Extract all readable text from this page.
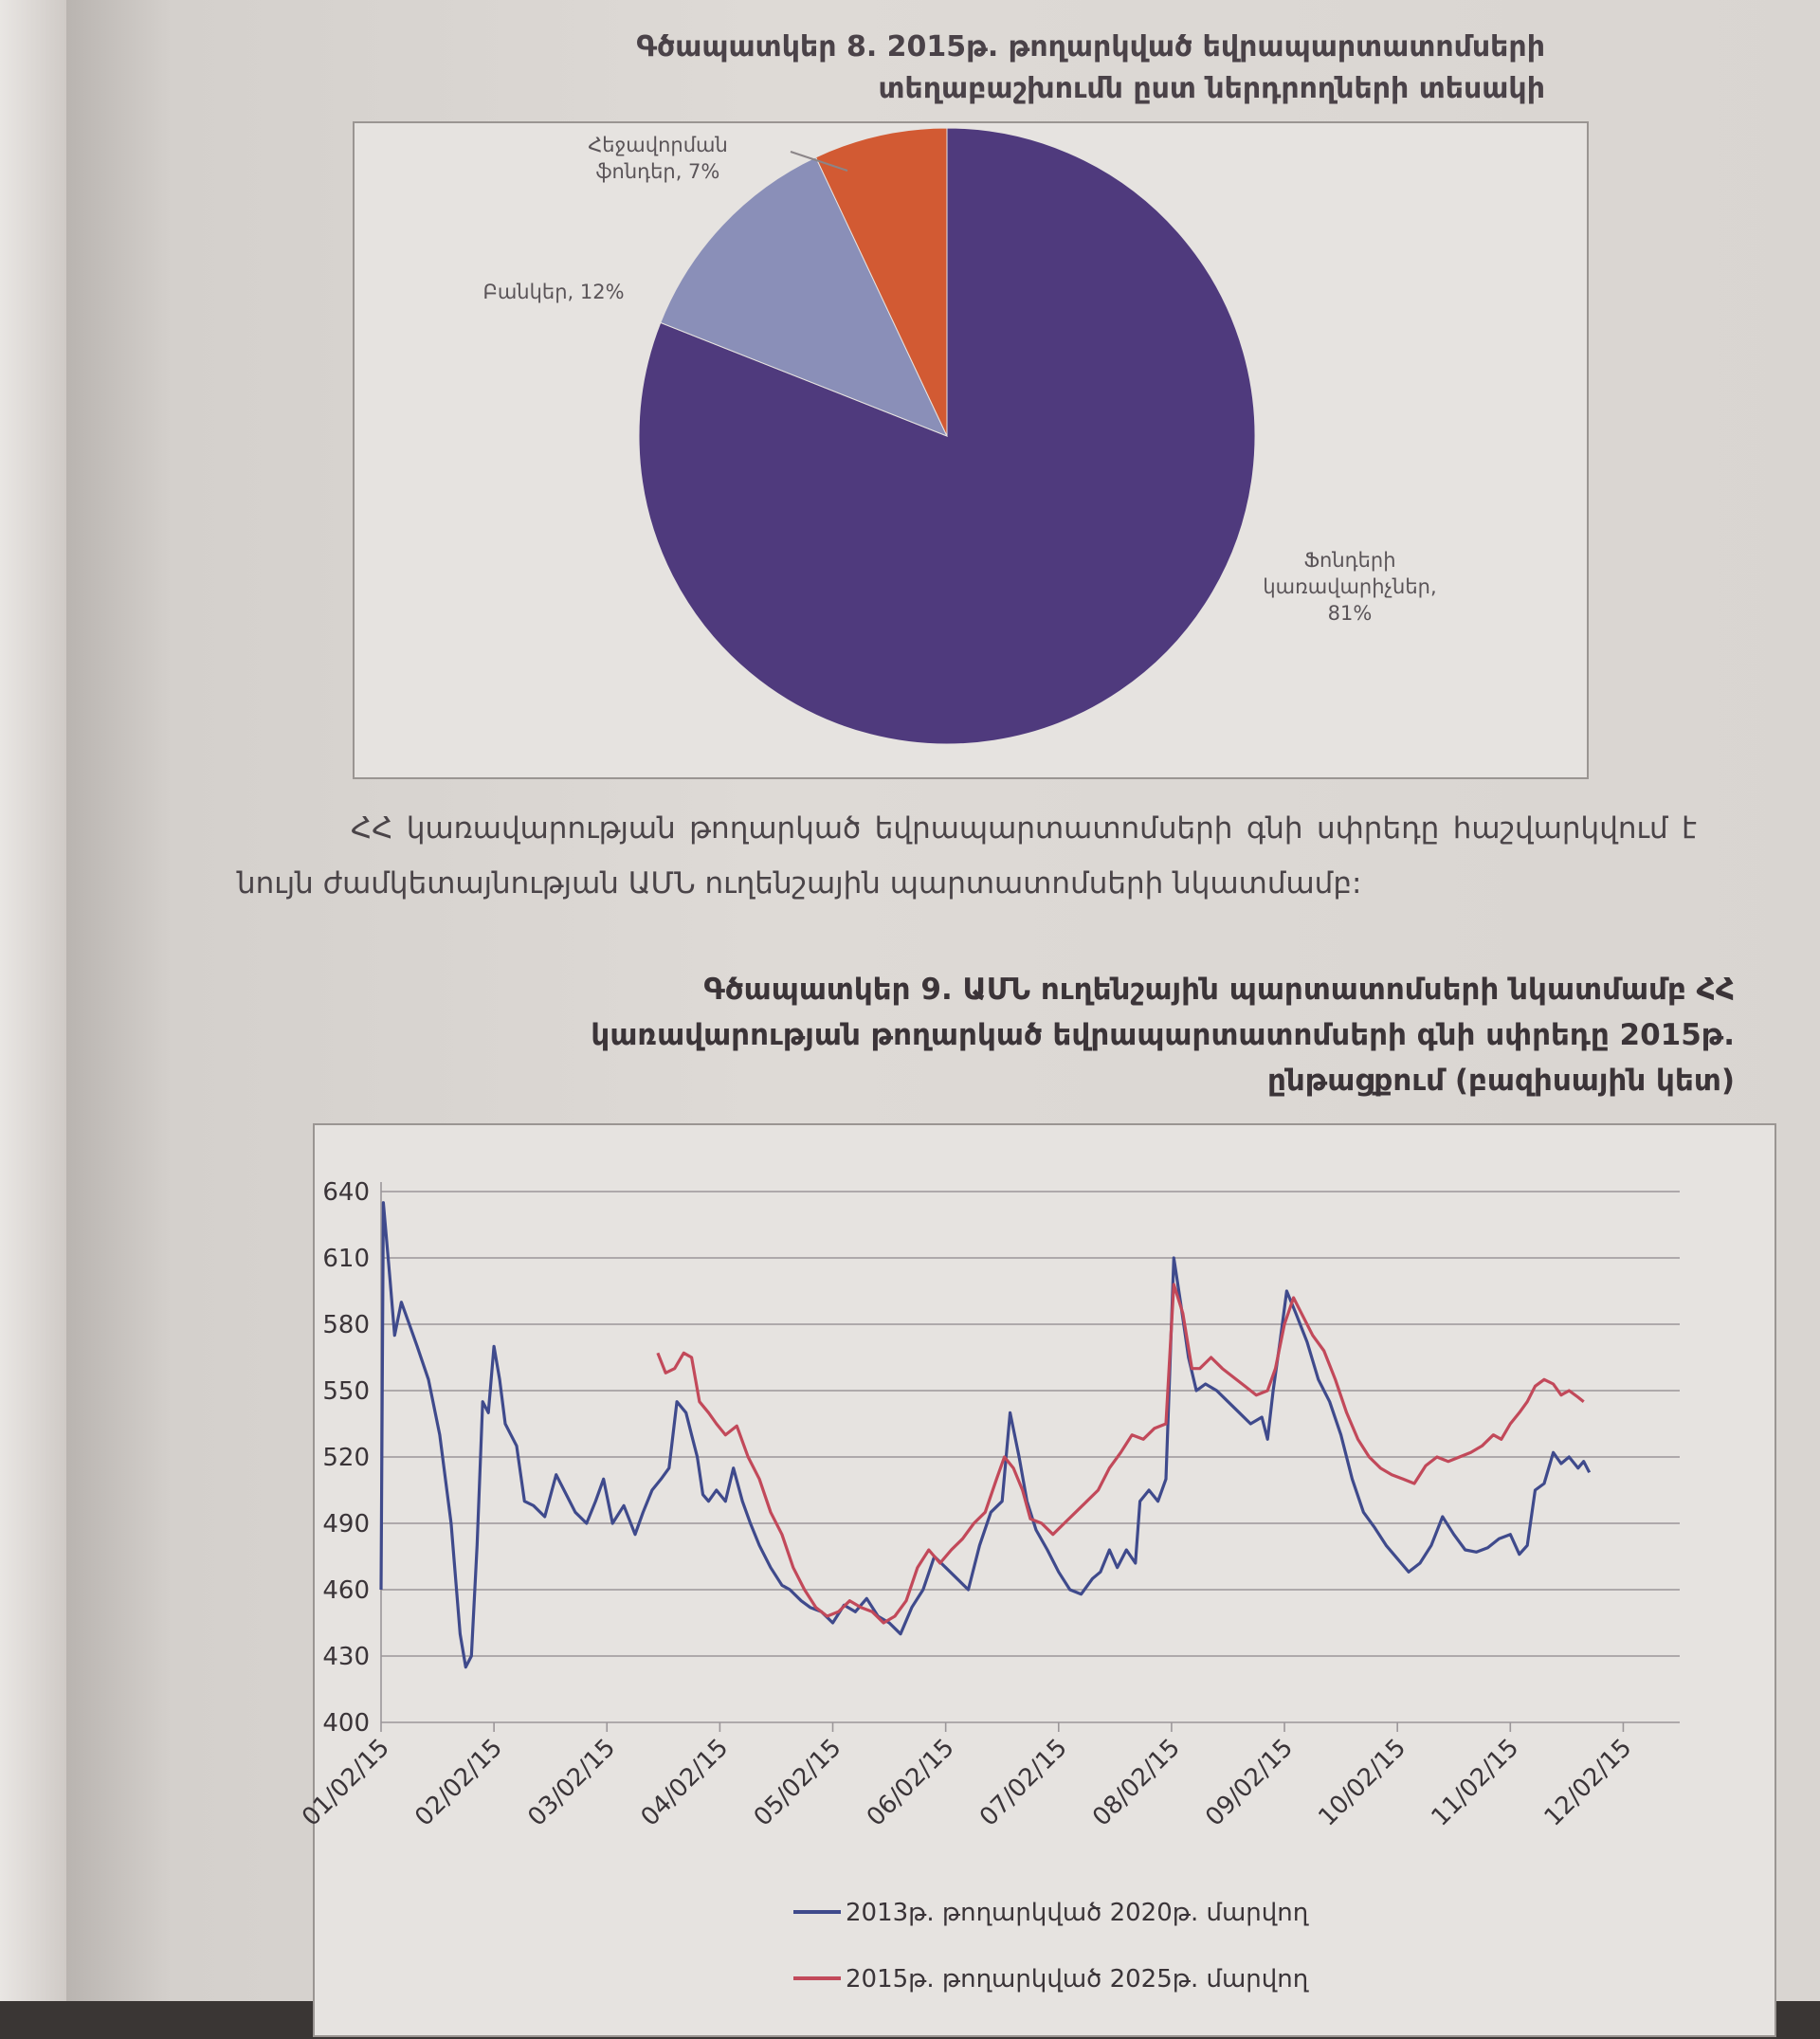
Գծապատկեր 8. 2015թ. թողարկված եվրապարտատոմսերի
տեղաբաշխումն ըստ ներդրողների տեսակի
Հեջավորման
ֆոնդեր, 7%
Բանկեր, 12%
Ֆոնդերի
կառավարիչներ,
81%
ՀՀ կառավարության թողարկած եվրապարտատոմսերի գնի սփրեդը հաշվարկվում է նույն ժամկետայնության ԱՄՆ ուղենշային պարտատոմսերի նկատմամբ:
Գծապատկեր 9. ԱՄՆ ուղենշային պարտատոմսերի նկատմամբ ՀՀ
կառավարության թողարկած եվրապարտատոմսերի գնի սփրեդը 2015թ.
ընթացքում (բազիսային կետ)
400
430
460
490
520
550
580
610
640
01/02/15 02/02/15 03/02/15 04/02/15 05/02/15 06/02/15 07/02/15 08/02/15 09/02/15 10/02/15 11/02/15 12/02/15
2013թ. թողարկված 2020թ. մարվող
2015թ. թողարկված 2025թ. մարվող
